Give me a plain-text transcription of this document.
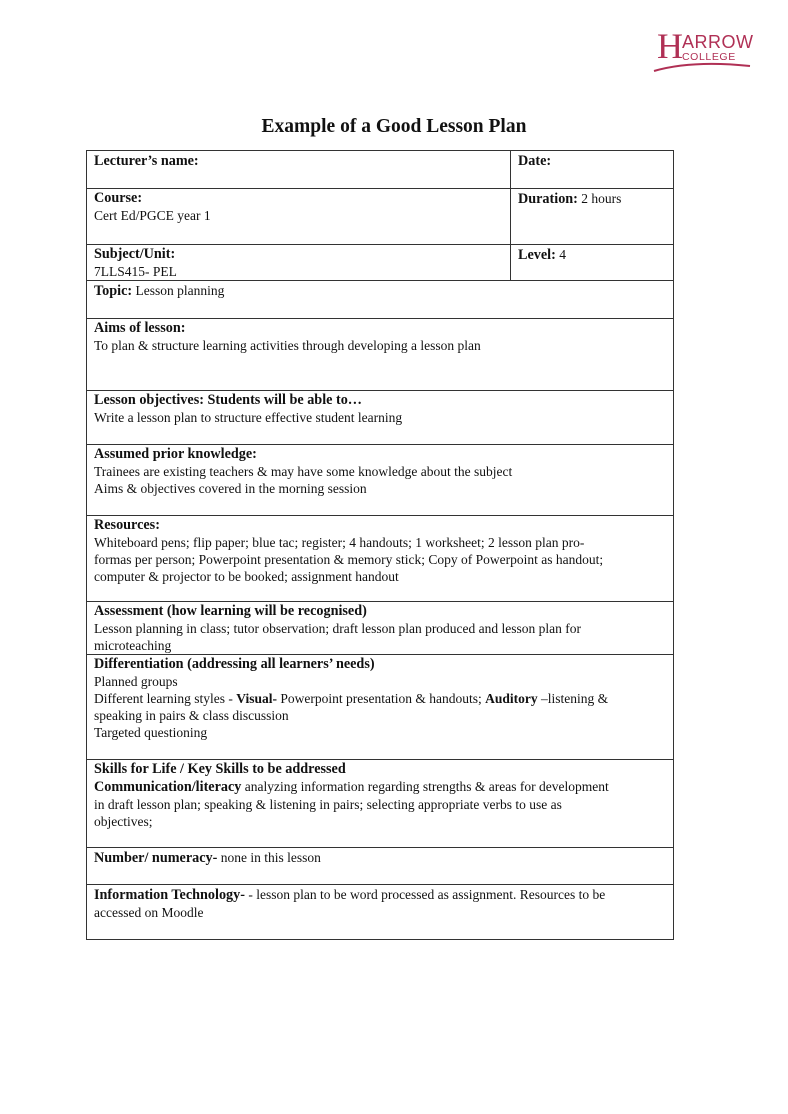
H ARROW
COLLEGE
Example of a Good Lesson Plan
Lecturer’s name:	Date:

Course:
Cert Ed/PGCE year 1	Duration: 2 hours

Subject/Unit:
7LLS415- PEL	Level: 4
Topic: Lesson planning	

Aims of lesson:
To plan & structure learning activities through developing a lesson plan	

Lesson objectives: Students will be able to…
Write a lesson plan to structure effective student learning	

Assumed prior knowledge:
Trainees are existing teachers & may have some knowledge about the subject
Aims & objectives covered in the morning session	

Resources:
Whiteboard pens; flip paper; blue tac; register; 4 handouts; 1 worksheet; 2 lesson plan pro-
formas per person; Powerpoint presentation & memory stick; Copy of Powerpoint as handout;
computer & projector to be booked; assignment handout	

Assessment (how learning will be recognised)
Lesson planning in class; tutor observation; draft lesson plan produced and lesson plan for
microteaching	

Differentiation (addressing all learners’ needs)
Planned groups
Different learning styles - Visual- Powerpoint presentation & handouts; Auditory –listening &
speaking in pairs & class discussion
Targeted questioning	

Skills for Life / Key Skills to be addressed
Communication/literacy analyzing information regarding strengths & areas for development
in draft lesson plan; speaking & listening in pairs; selecting appropriate verbs to use as
objectives;	

Number/ numeracy- none in this lesson	

Information Technology- - lesson plan to be word processed as assignment. Resources to be
accessed on Moodle	
